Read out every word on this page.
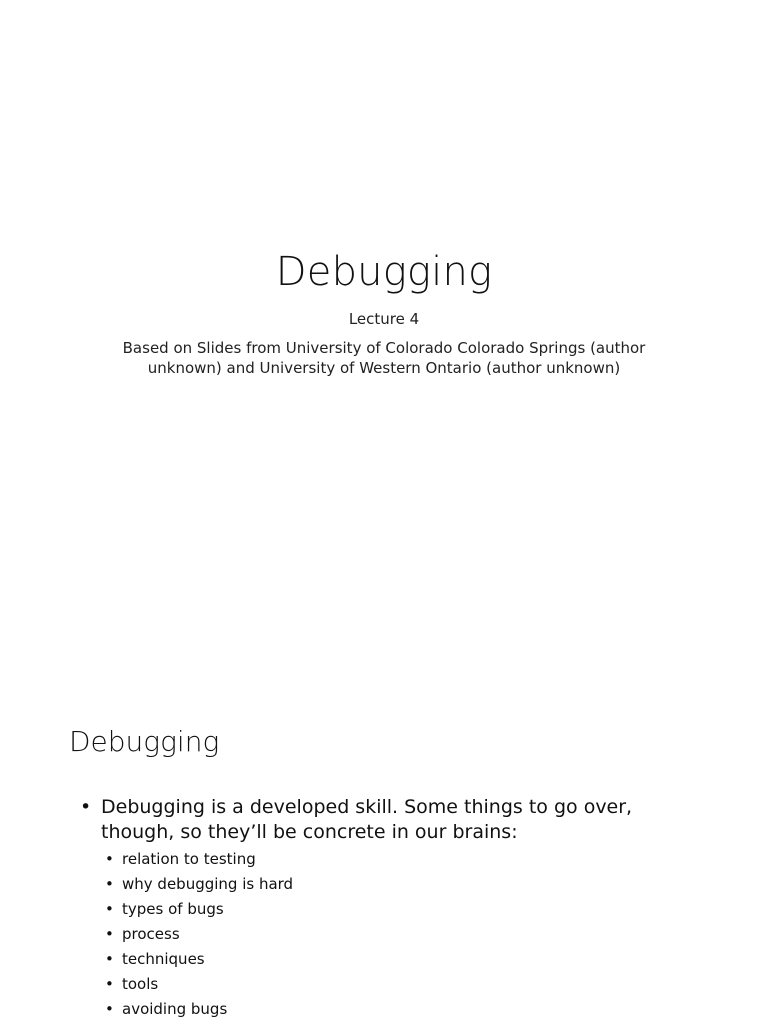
Debugging
Lecture 4
Based on Slides from University of Colorado Colorado Springs (author unknown) and University of Western Ontario (author unknown)
Debugging
• Debugging is a developed skill. Some things to go over, though, so they’ll be concrete in our brains:
• relation to testing
• why debugging is hard
• types of bugs
• process
• techniques
• tools
• avoiding bugs
